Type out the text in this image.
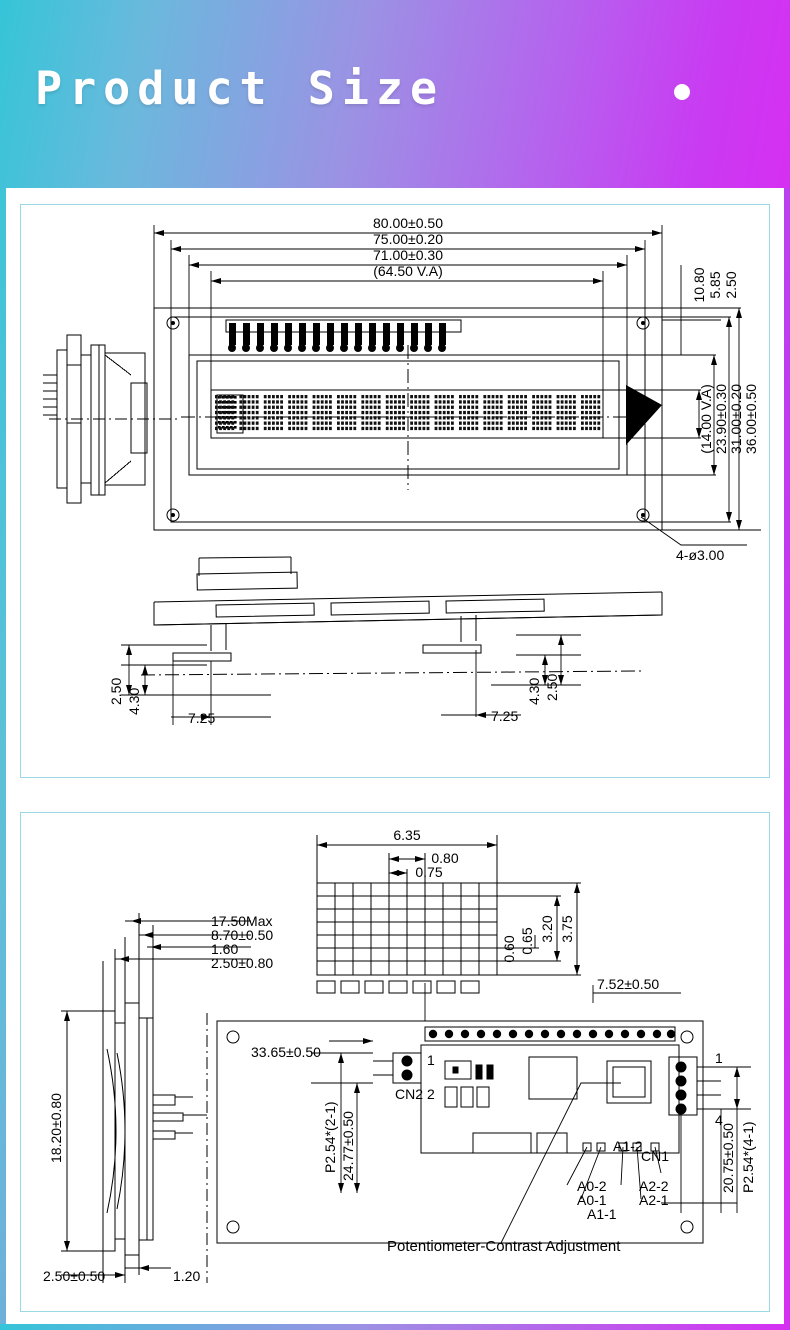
Product Size
80.00±0.50
75.00±0.20
71.00±0.30
(64.50 V.A)
36.00±0.50
31.00±0.20
23.90±0.30
(14.00 V.A)
10.80 5.85 2.50
4-ø3.00
2.50 4.30
7.25	7.25
4.30 2.50
6.35
0.80
0.75
3.75
3.20
0.65
0.60
17.50Max
8.70±0.50
1.60
2.50±0.80
18.20±0.80
2.50±0.50	1.20
33.65±0.50
CN2 2
1
P2.54*(2-1) 24.77±0.50
7.52±0.50
1
4
CN1	P2.54*(4-1)
20.75±0.50
A1-2
A0-2
A0-1
A2-2
A2-1
A1-1
Potentiometer-Contrast Adjustment
